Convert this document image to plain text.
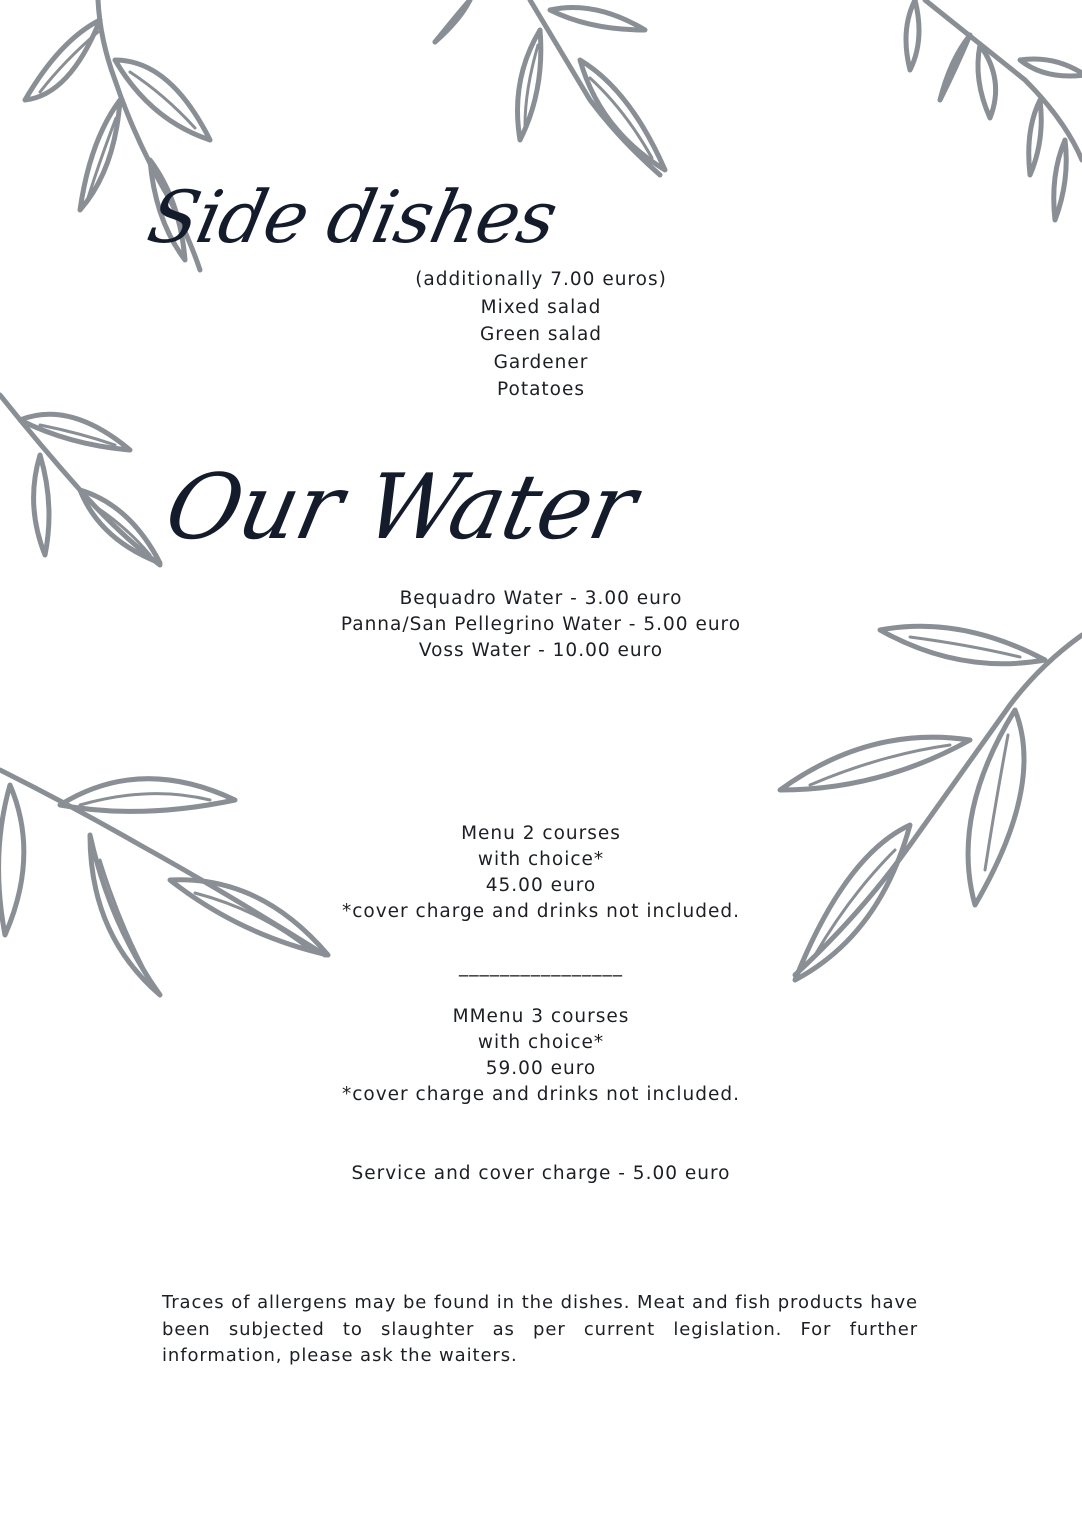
Side dishes
(additionally 7.00 euros)
Mixed salad
Green salad
Gardener
Potatoes
Our Water
Bequadro Water - 3.00 euro
Panna/San Pellegrino Water - 5.00 euro
Voss Water - 10.00 euro
Menu 2 courses
with choice*
45.00 euro
*cover charge and drinks not included.
________________
MMenu 3 courses
with choice*
59.00 euro
*cover charge and drinks not included.
Service and cover charge - 5.00 euro

Traces of allergens may be found in the dishes. Meat and fish products have been subjected to slaughter as per current legislation. For further information, please ask the waiters.
